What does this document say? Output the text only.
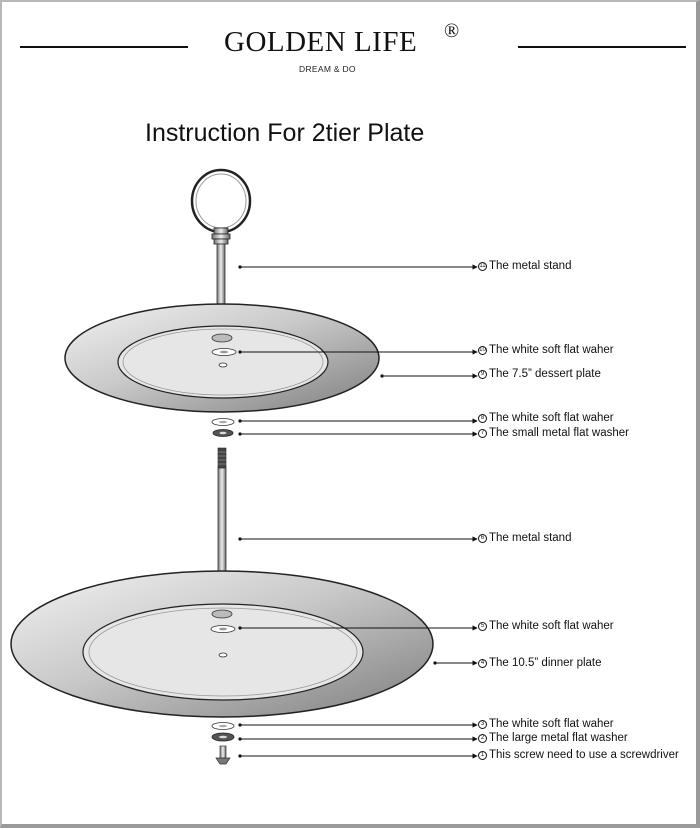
GOLDEN LIFE ®
DREAM & DO
Instruction For 2tier Plate
11 The metal stand
10 The white soft flat waher
9 The 7.5” dessert plate
8 The white soft flat waher
7 The small metal flat washer
6 The metal stand
5 The white soft flat waher
4 The 10.5” dinner plate
3 The white soft flat waher
2 The large metal flat washer
1 This screw need to use a screwdriver
